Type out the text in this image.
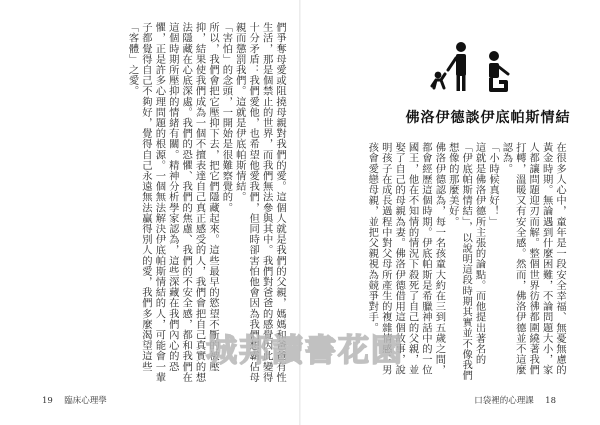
們爭奪母愛或阻撓母親對我們的愛。這個人就是我們的父親，媽媽和爸爸有性生活，那是個禁止的世界，而我們無法參與其中。我們對爸爸的感覺因此變得十分矛盾：我們愛他，也希望他愛我們，但同時卻害怕他會因為我們想霸佔母親而懲罰我們。這就是伊底帕斯情結。
「害怕」的念頭，一開始是很難察覺的。
所以，我們會把它壓抑下去，把它們隱藏起來。這些最早的慾望不斷的被壓抑，結果使我們成為一個不擅表達自己真正感受的人，我們會把自己真實的想法隱藏在心底深處。我們的恐懼、我們的焦慮、我們的不安全感，都和我們在這個時期所壓抑的情緒有關。精神分析學家認為，這些深藏在我們內心的恐懼，正是許多心理問題的根源。一個無法解決伊底帕斯情結的人，可能會一輩子都覺得自己不夠好，覺得自己永遠無法贏得別人的愛，我們多麼渴望這些「客體」之愛。
19 臨床心理學
佛洛伊德談伊底帕斯情結
在很多人心中，童年是一段安全幸福、無憂無慮的黃金時期。無論遇到什麼困難，不論問題大小，家人都讓問題迎刃而解。整個世界彷彿都圍繞著我們打轉，溫暖又有安全感。然而，佛洛伊德並不這麼認為。
「小時候真好！」
這就是佛洛伊德所主張的論點。而他提出著名的「伊底帕斯情結」，以說明這段時期其實並不像我們想像的那麼美好。
佛洛伊德認為，每一名孩童大約在三到五歲之間，都會經歷這個時期。伊底帕斯是希臘神話中的一位國王，他在不知情的情況下殺死了自己的父親，並娶了自己的母親為妻。佛洛伊德借用這個故事，說明孩子在成長過程中對父母所產生的複雜情感：男孩會愛戀母親，並把父親視為競爭對手。
口袋裡的心理課 18
城邦讀書花園
